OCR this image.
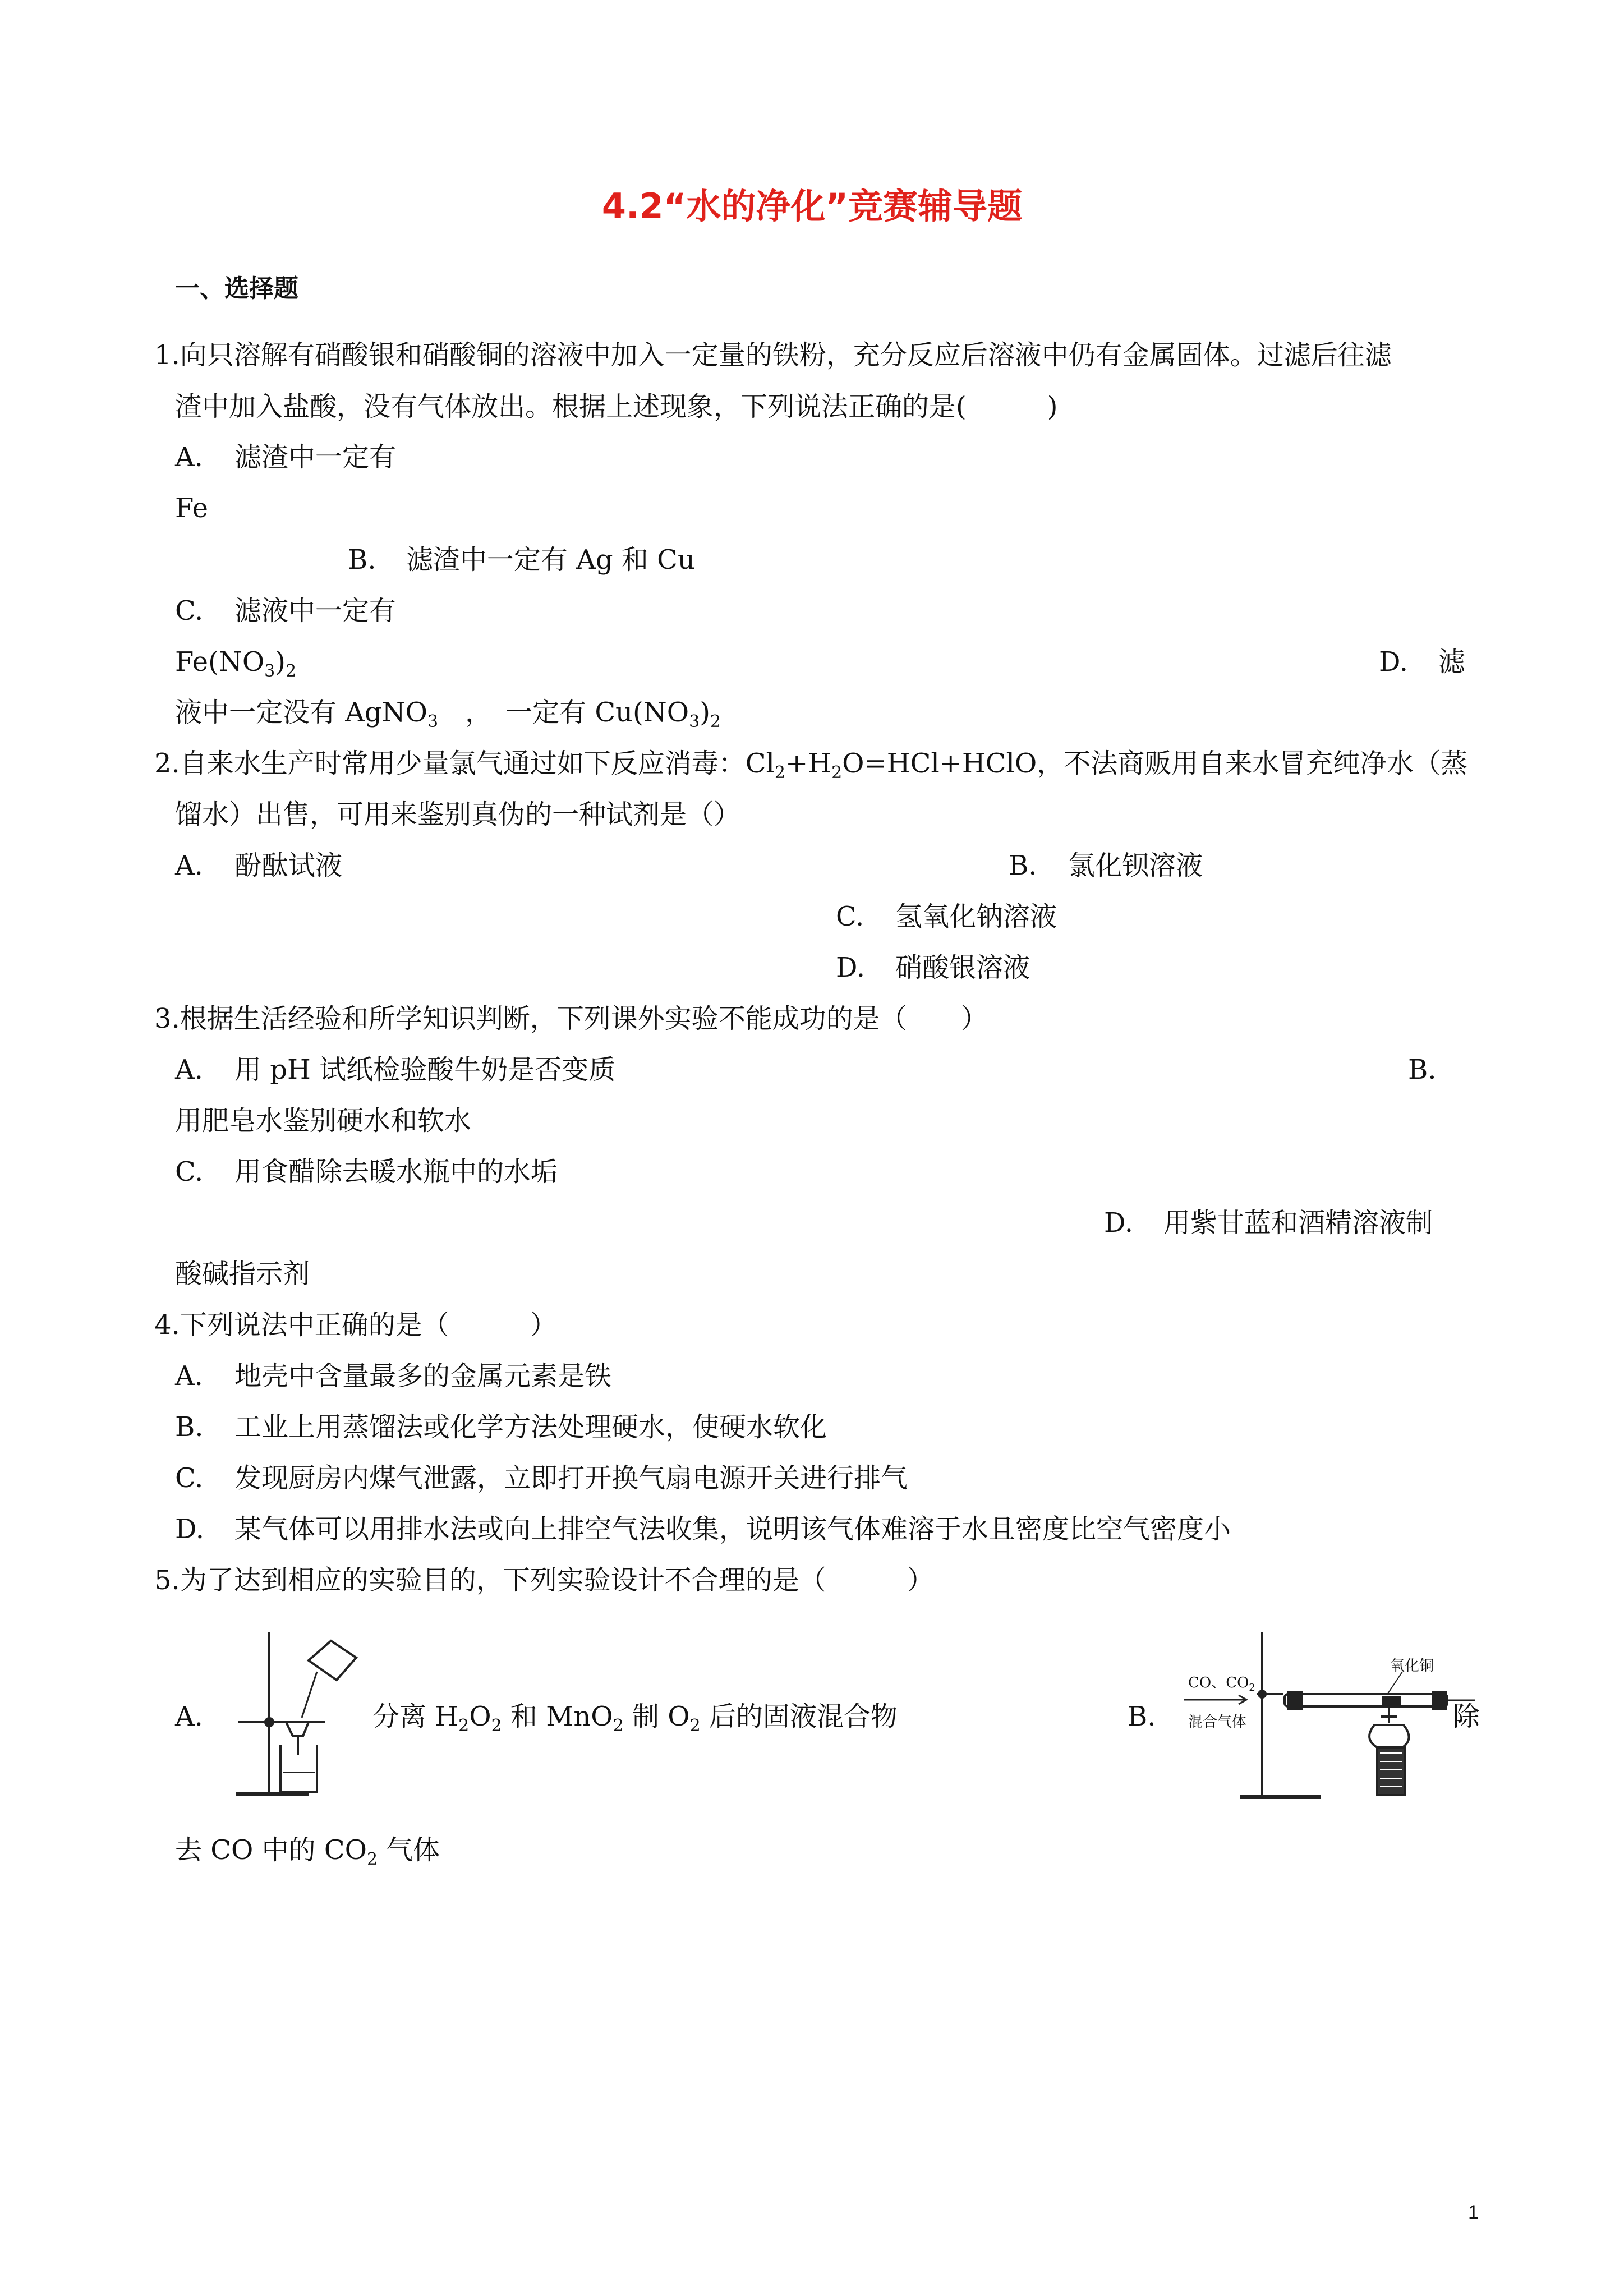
4.2“水的净化”竞赛辅导题
一、选择题
1.向只溶解有硝酸银和硝酸铜的溶液中加入一定量的铁粉，充分反应后溶液中仍有金属固体。过滤后往滤
渣中加入盐酸，没有气体放出。根据上述现象，下列说法正确的是(　　　)
A. 滤渣中一定有
Fe
B. 滤渣中一定有 Ag 和 Cu
C. 滤液中一定有
$Fe(NO_3)_2$	D. 滤
液中一定没有 AgNO$_3$　，　一定有 $Cu(NO_3)_2$
2.自来水生产时常用少量氯气通过如下反应消毒：$Cl_2+H_2O=HCl+HClO$，不法商贩用自来水冒充纯净水（蒸
馏水）出售，可用来鉴别真伪的一种试剂是（）
A. 酚酞试液	B. 氯化钡溶液
C. 氢氧化钠溶液
D. 硝酸银溶液
3.根据生活经验和所学知识判断，下列课外实验不能成功的是（　　）
A. 用 pH 试纸检验酸牛奶是否变质	B.
用肥皂水鉴别硬水和软水
C. 用食醋除去暖水瓶中的水垢
D. 用紫甘蓝和酒精溶液制
酸碱指示剂
4.下列说法中正确的是（　　　）
A. 地壳中含量最多的金属元素是铁
B. 工业上用蒸馏法或化学方法处理硬水，使硬水软化
C. 发现厨房内煤气泄露，立即打开换气扇电源开关进行排气
D. 某气体可以用排水法或向上排空气法收集，说明该气体难溶于水且密度比空气密度小
5.为了达到相应的实验目的，下列实验设计不合理的是（　　　）
A.	分离 $H_2O_2$ 和 MnO$_2$ 制 $O_2$ 后的固液混合物	B.
CO、$CO_2$
混合气体
氧化铜
除
去 CO 中的 $CO_2$ 气体
1
